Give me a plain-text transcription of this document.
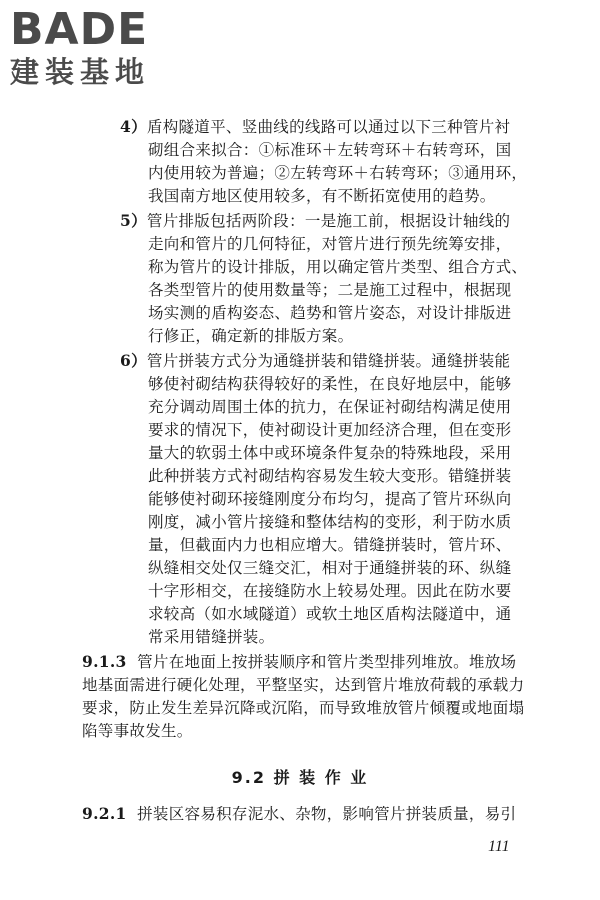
BADE
建装基地
4）盾构隧道平、竖曲线的线路可以通过以下三种管片衬
砌组合来拟合：①标准环＋左转弯环＋右转弯环，国
内使用较为普遍；②左转弯环＋右转弯环；③通用环，
我国南方地区使用较多，有不断拓宽使用的趋势。
5）管片排版包括两阶段：一是施工前，根据设计轴线的
走向和管片的几何特征，对管片进行预先统筹安排，
称为管片的设计排版，用以确定管片类型、组合方式、
各类型管片的使用数量等；二是施工过程中，根据现
场实测的盾构姿态、趋势和管片姿态，对设计排版进
行修正，确定新的排版方案。
6）管片拼装方式分为通缝拼装和错缝拼装。通缝拼装能
够使衬砌结构获得较好的柔性，在良好地层中，能够
充分调动周围土体的抗力，在保证衬砌结构满足使用
要求的情况下，使衬砌设计更加经济合理，但在变形
量大的软弱土体中或环境条件复杂的特殊地段，采用
此种拼装方式衬砌结构容易发生较大变形。错缝拼装
能够使衬砌环接缝刚度分布均匀，提高了管片环纵向
刚度，减小管片接缝和整体结构的变形，利于防水质
量，但截面内力也相应增大。错缝拼装时，管片环、
纵缝相交处仅三缝交汇，相对于通缝拼装的环、纵缝
十字形相交，在接缝防水上较易处理。因此在防水要
求较高（如水域隧道）或软土地区盾构法隧道中，通
常采用错缝拼装。
9.1.3 管片在地面上按拼装顺序和管片类型排列堆放。堆放场
地基面需进行硬化处理，平整坚实，达到管片堆放荷载的承载力
要求，防止发生差异沉降或沉陷，而导致堆放管片倾覆或地面塌
陷等事故发生。
9.2 拼 装 作 业
9.2.1 拼装区容易积存泥水、杂物，影响管片拼装质量，易引
111
